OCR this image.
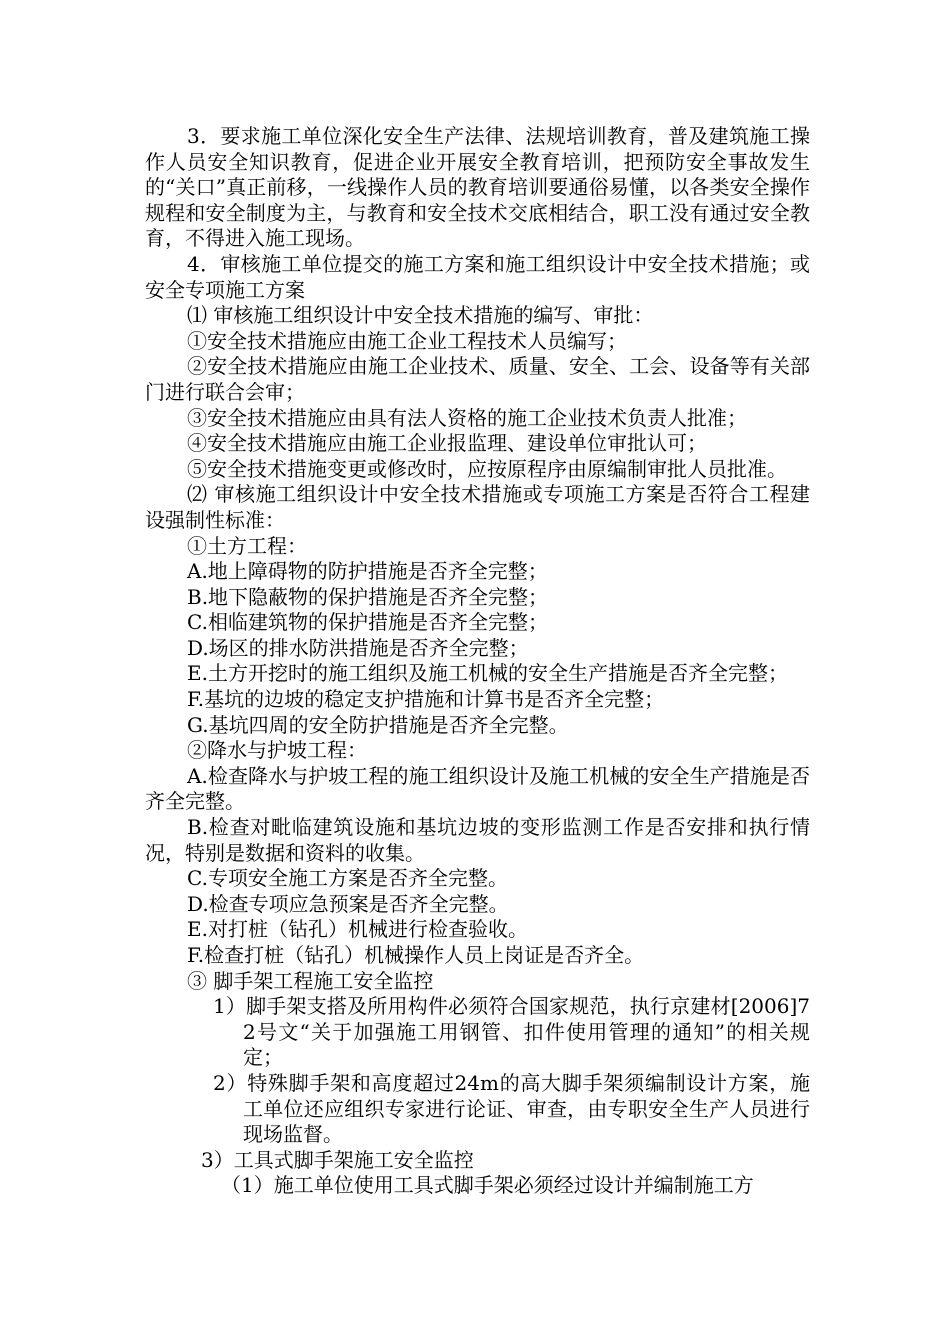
3．要求施工单位深化安全生产法律、法规培训教育，普及建筑施工操作人员安全知识教育，促进企业开展安全教育培训，把预防安全事故发生的“关口”真正前移，一线操作人员的教育培训要通俗易懂，以各类安全操作规程和安全制度为主，与教育和安全技术交底相结合，职工没有通过安全教育，不得进入施工现场。

4．审核施工单位提交的施工方案和施工组织设计中安全技术措施；或安全专项施工方案

⑴ 审核施工组织设计中安全技术措施的编写、审批：

①安全技术措施应由施工企业工程技术人员编写；

②安全技术措施应由施工企业技术、质量、安全、工会、设备等有关部门进行联合会审；

③安全技术措施应由具有法人资格的施工企业技术负责人批准；

④安全技术措施应由施工企业报监理、建设单位审批认可；

⑤安全技术措施变更或修改时，应按原程序由原编制审批人员批准。

⑵ 审核施工组织设计中安全技术措施或专项施工方案是否符合工程建设强制性标准：

①土方工程：

A.地上障碍物的防护措施是否齐全完整；

B.地下隐蔽物的保护措施是否齐全完整；

C.相临建筑物的保护措施是否齐全完整；

D.场区的排水防洪措施是否齐全完整；

E.土方开挖时的施工组织及施工机械的安全生产措施是否齐全完整；

F.基坑的边坡的稳定支护措施和计算书是否齐全完整；

G.基坑四周的安全防护措施是否齐全完整。

②降水与护坡工程：

A.检查降水与护坡工程的施工组织设计及施工机械的安全生产措施是否齐全完整。

B.检查对毗临建筑设施和基坑边坡的变形监测工作是否安排和执行情况，特别是数据和资料的收集。

C.专项安全施工方案是否齐全完整。

D.检查专项应急预案是否齐全完整。

E.对打桩（钻孔）机械进行检查验收。

F.检查打桩（钻孔）机械操作人员上岗证是否齐全。

③ 脚手架工程施工安全监控

1）脚手架支搭及所用构件必须符合国家规范，执行京建材[2006]72号文“关于加强施工用钢管、扣件使用管理的通知”的相关规定；

2）特殊脚手架和高度超过24m的高大脚手架须编制设计方案，施工单位还应组织专家进行论证、审查，由专职安全生产人员进行现场监督。

3）工具式脚手架施工安全监控

（1）施工单位使用工具式脚手架必须经过设计并编制施工方
